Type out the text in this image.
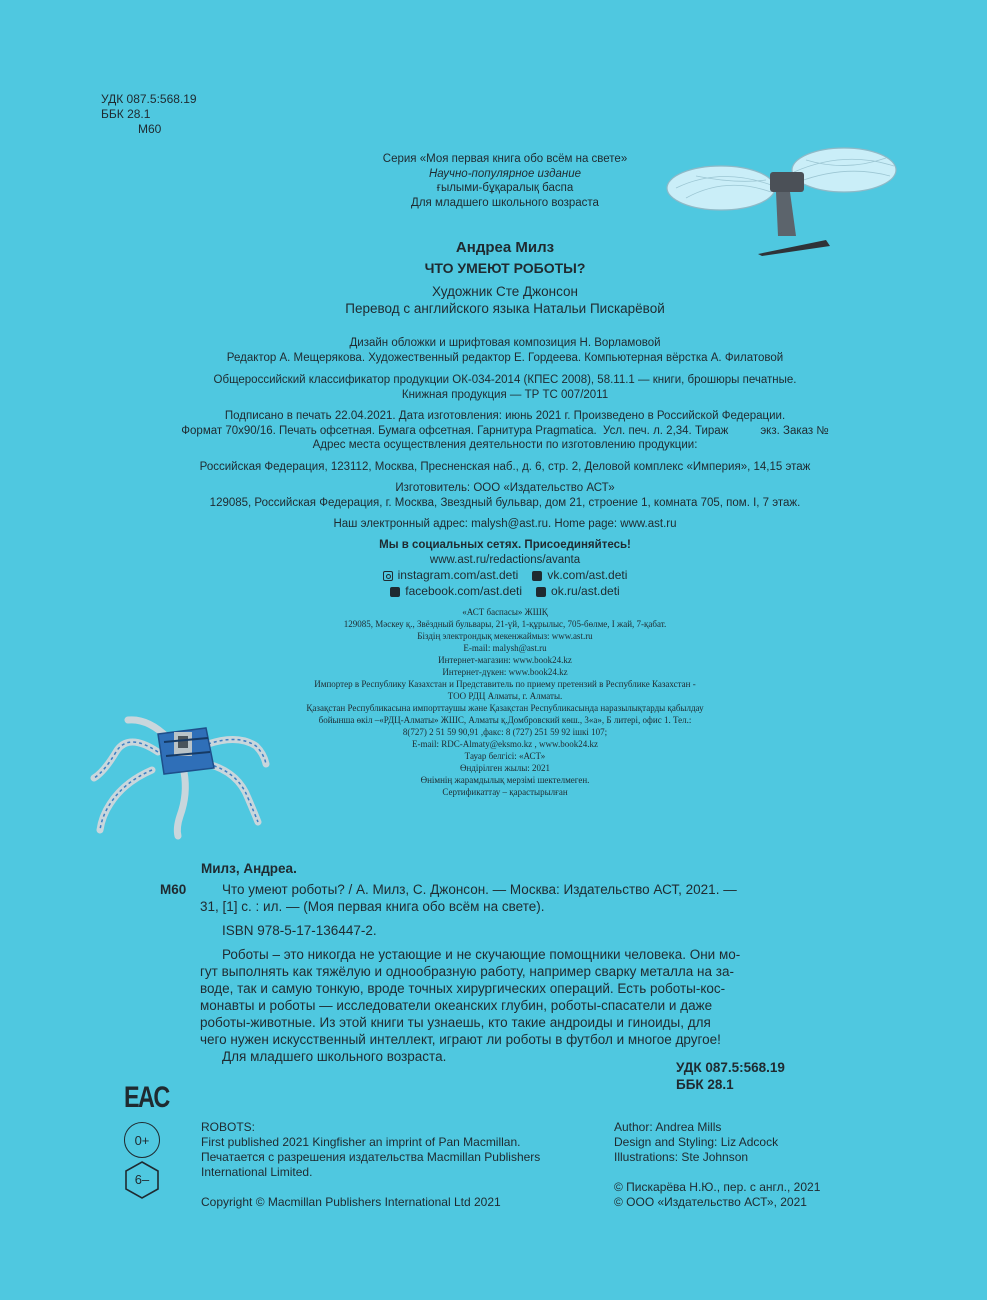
УДК 087.5:568.19
ББК 28.1
М60
Серия «Моя первая книга обо всём на свете»
Научно-популярное издание
ғылыми-бұқаралық баспа
Для младшего школьного возраста
Андреа Милз
ЧТО УМЕЮТ РОБОТЫ?
Художник Сте Джонсон
Перевод с английского языка Натальи Пискарёвой
Дизайн обложки и шрифтовая композиция Н. Ворламовой
Редактор А. Мещерякова. Художественный редактор Е. Гордеева. Компьютерная вёрстка А. Филатовой
Общероссийский классификатор продукции ОК-034-2014 (КПЕС 2008), 58.11.1 — книги, брошюры печатные.
Книжная продукция — ТР ТС 007/2011
Подписано в печать 22.04.2021. Дата изготовления: июнь 2021 г. Произведено в Российской Федерации.
Формат 70х90/16. Печать офсетная. Бумага офсетная. Гарнитура Pragmatica.  Усл. печ. л. 2,34. Тираж          экз. Заказ №
Адрес места осуществления деятельности по изготовлению продукции:
Российская Федерация, 123112, Москва, Пресненская наб., д. 6, стр. 2, Деловой комплекс «Империя», 14,15 этаж
Изготовитель: ООО «Издательство АСТ»
129085, Российская Федерация, г. Москва, Звездный бульвар, дом 21, строение 1, комната 705, пом. I, 7 этаж.
Наш электронный адрес: malysh@ast.ru. Home page: www.ast.ru
Мы в социальных сетях. Присоединяйтесь!
www.ast.ru/redactions/avanta
instagram.com/ast.deti vk.com/ast.deti
facebook.com/ast.deti ok.ru/ast.deti
«АСТ баспасы» ЖШҚ
129085, Мәскеу қ., Звёздный бульвары, 21-үй, 1-құрылыс, 705-бөлме, I жай, 7-қабат.
Біздің электрондық мекенжаймыз: www.ast.ru
E-mail: malysh@ast.ru
Интернет-магазин: www.book24.kz
Интернет-дүкен: www.book24.kz
Импортер в Республику Казахстан и Представитель по приему претензий в Республике Казахстан -
ТОО РДЦ Алматы, г. Алматы.
Қазақстан Республикасына импорттаушы және Қазақстан Республикасында наразылықтарды қабылдау
бойынша өкіл –«РДЦ-Алматы» ЖШС, Алматы қ.Домбровский көш., 3«а», Б литері, офис 1. Тел.:
8(727) 2 51 59 90,91 ,факс: 8 (727) 251 59 92 ішкі 107;
E-mail: RDC-Almaty@eksmo.kz , www.book24.kz
Тауар белгісі: «АСТ»
Өндірілген жылы: 2021
Өнімнің жарамдылық мерзімі шектелмеген.
Сертификаттау – қарастырылған
Милз, Андреа.
М60	Что умеют роботы? / А. Милз, С. Джонсон. — Москва: Издательство АСТ, 2021. —
31, [1] с. : ил. — (Моя первая книга обо всём на свете).
ISBN 978-5-17-136447-2.
Роботы – это никогда не устающие и не скучающие помощники человека. Они мо-
гут выполнять как тяжёлую и однообразную работу, например сварку металла на за-
воде, так и самую тонкую, вроде точных хирургических операций. Есть роботы-кос-
монавты и роботы — исследователи океанских глубин, роботы-спасатели и даже
роботы-животные. Из этой книги ты узнаешь, кто такие андроиды и гиноиды, для
чего нужен искусственный интеллект, играют ли роботы в футбол и многое другое!
Для младшего школьного возраста.
УДК 087.5:568.19
ББК 28.1
EAC
0+
6–
ROBOTS:
First published 2021 Kingfisher an imprint of Pan Macmillan.
Печатается с разрешения издательства Macmillan Publishers
International Limited.
Copyright © Macmillan Publishers International Ltd 2021
Author: Andrea Mills
Design and Styling: Liz Adcock
Illustrations: Ste Johnson
© Пискарёва Н.Ю., пер. с англ., 2021
© ООО «Издательство АСТ», 2021
